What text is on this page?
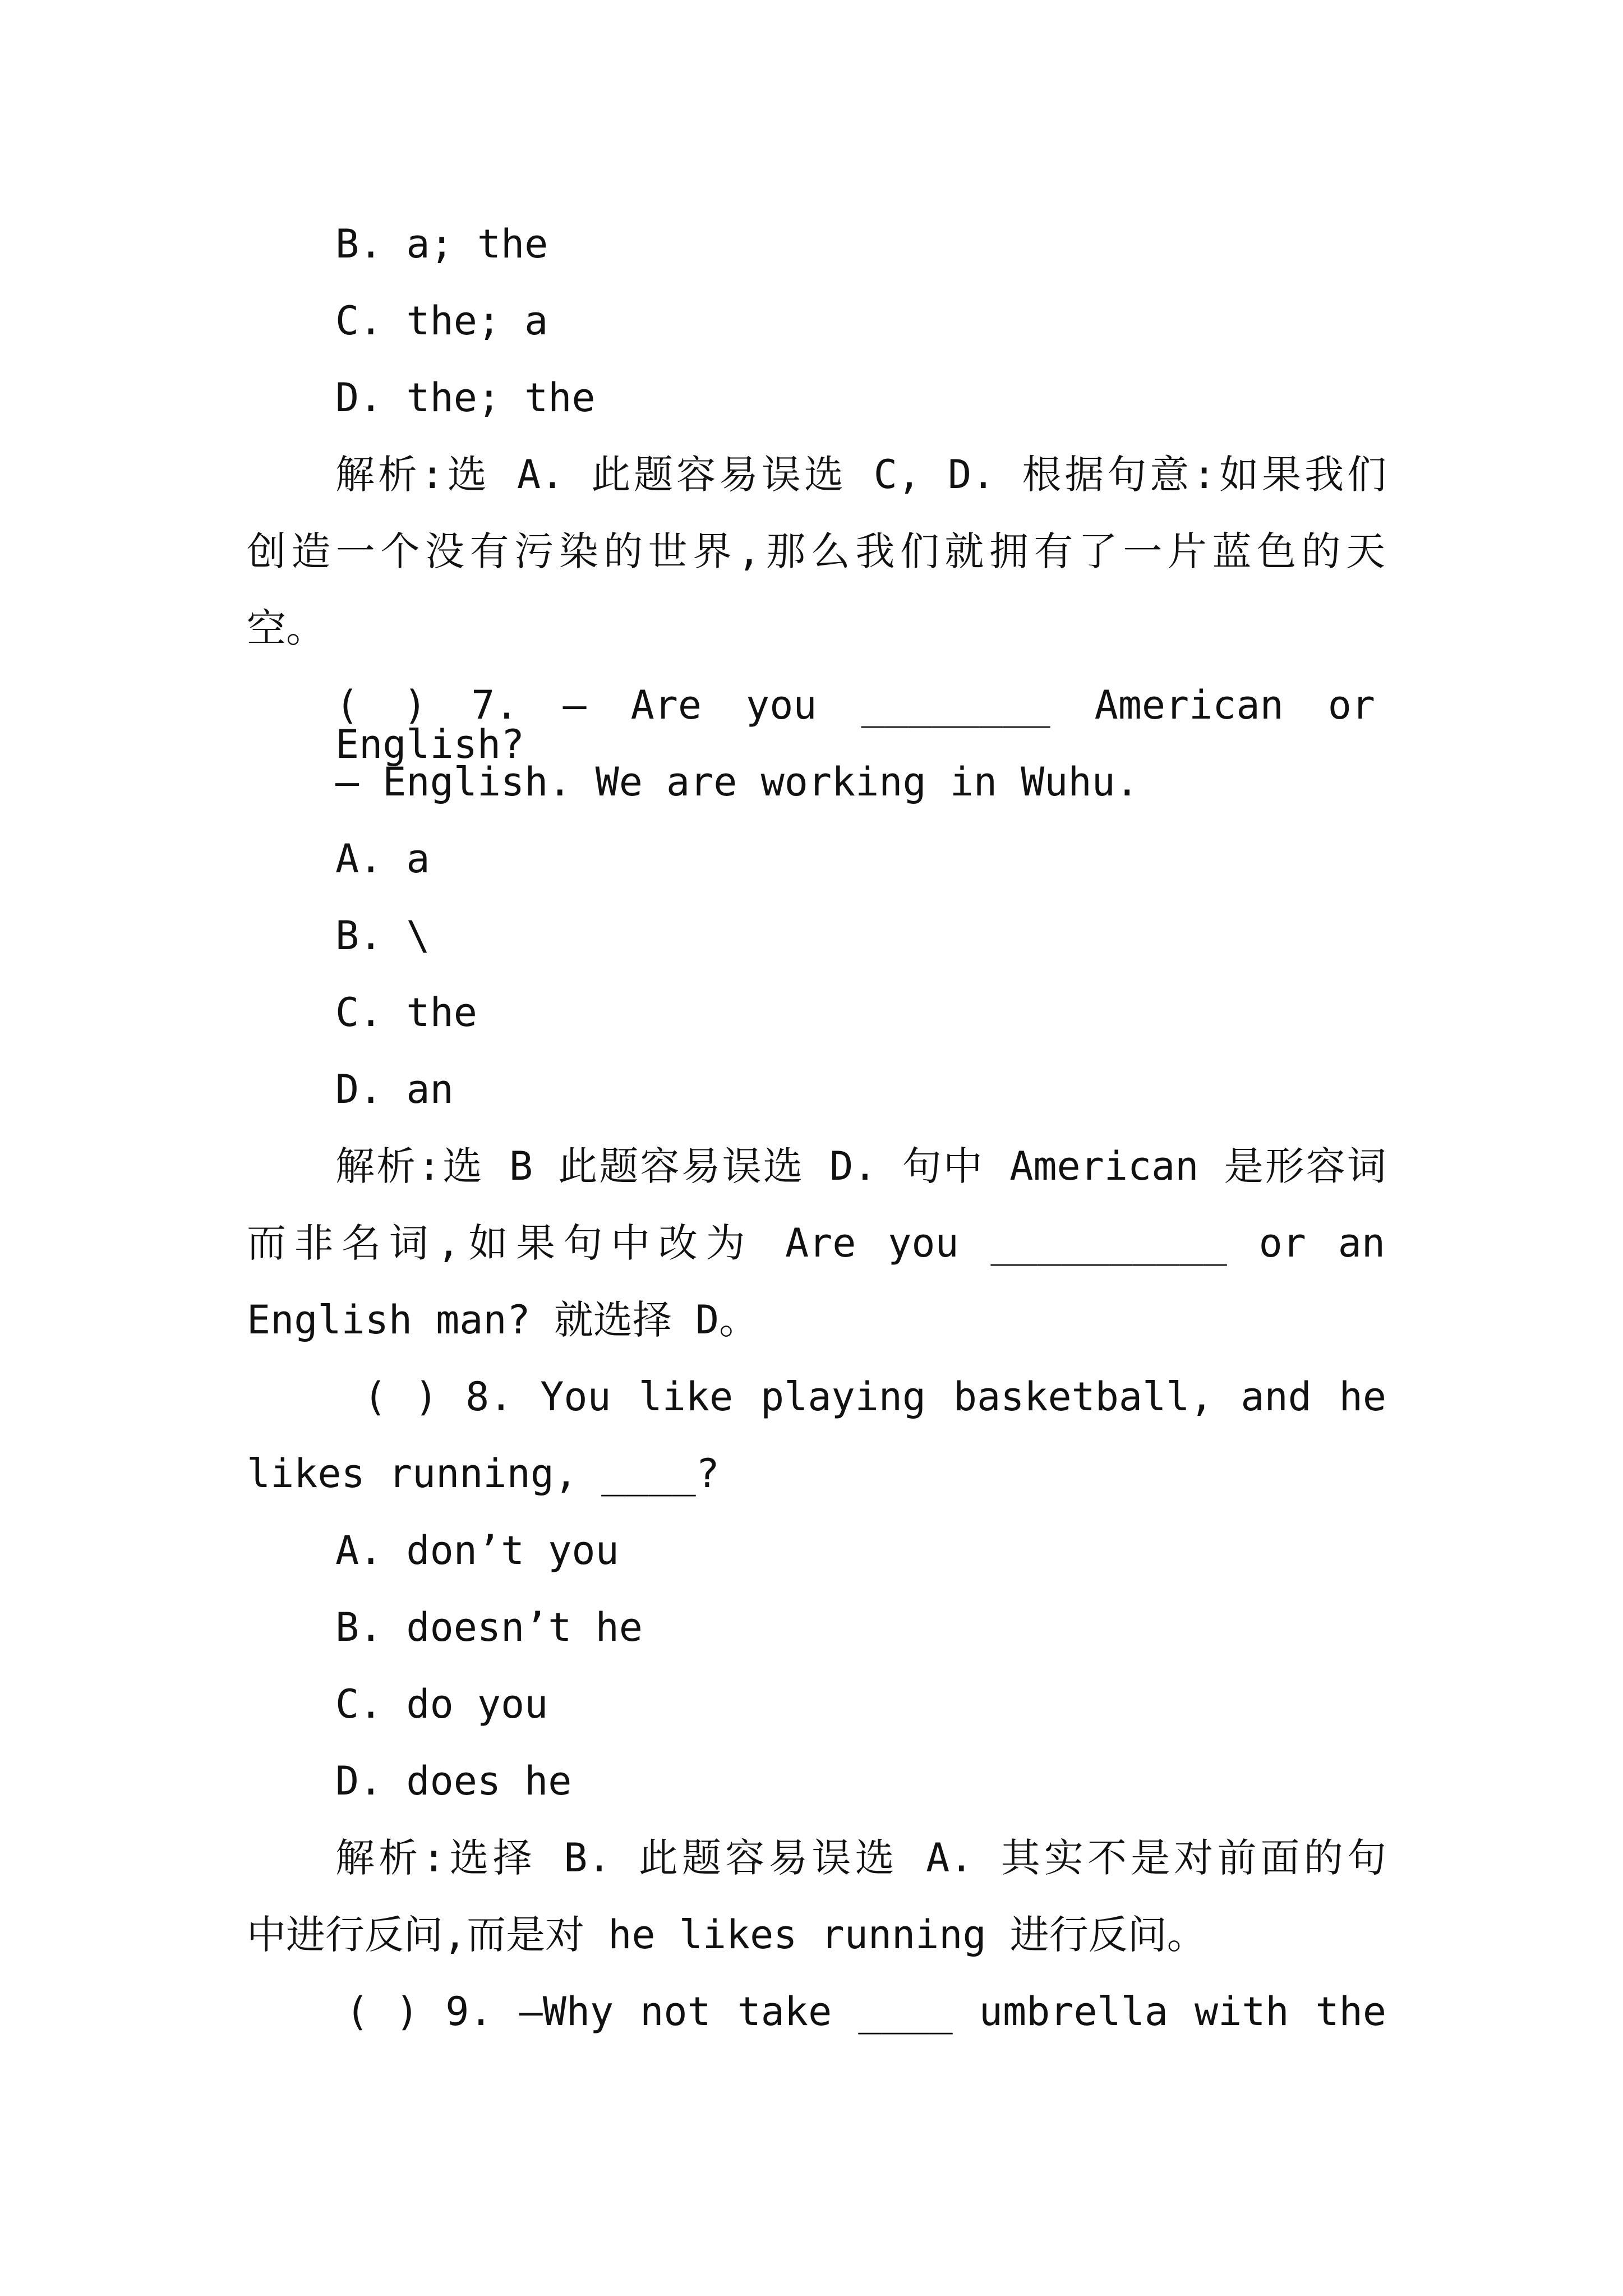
B. a; the
C. the; a
D. the; the
解析:选 A. 此题容易误选 C, D. 根据句意:如果我们
创造一个没有污染的世界,那么我们就拥有了一片蓝色的天
空。
( ) 7. — Are you ________ American or English?
— English. We are working in Wuhu.
A. a
B. \
C. the
D. an
解析:选 B 此题容易误选 D. 句中 American 是形容词
而非名词,如果句中改为 Are you __________ or an
English man? 就选择 D。
( ) 8. You like playing basketball, and he
likes running, ____?
A. don’t you
B. doesn’t he
C. do you
D. does he
解析:选择 B. 此题容易误选 A. 其实不是对前面的句
中进行反问,而是对 he likes running 进行反问。
( ) 9. —Why not take ____ umbrella with the
